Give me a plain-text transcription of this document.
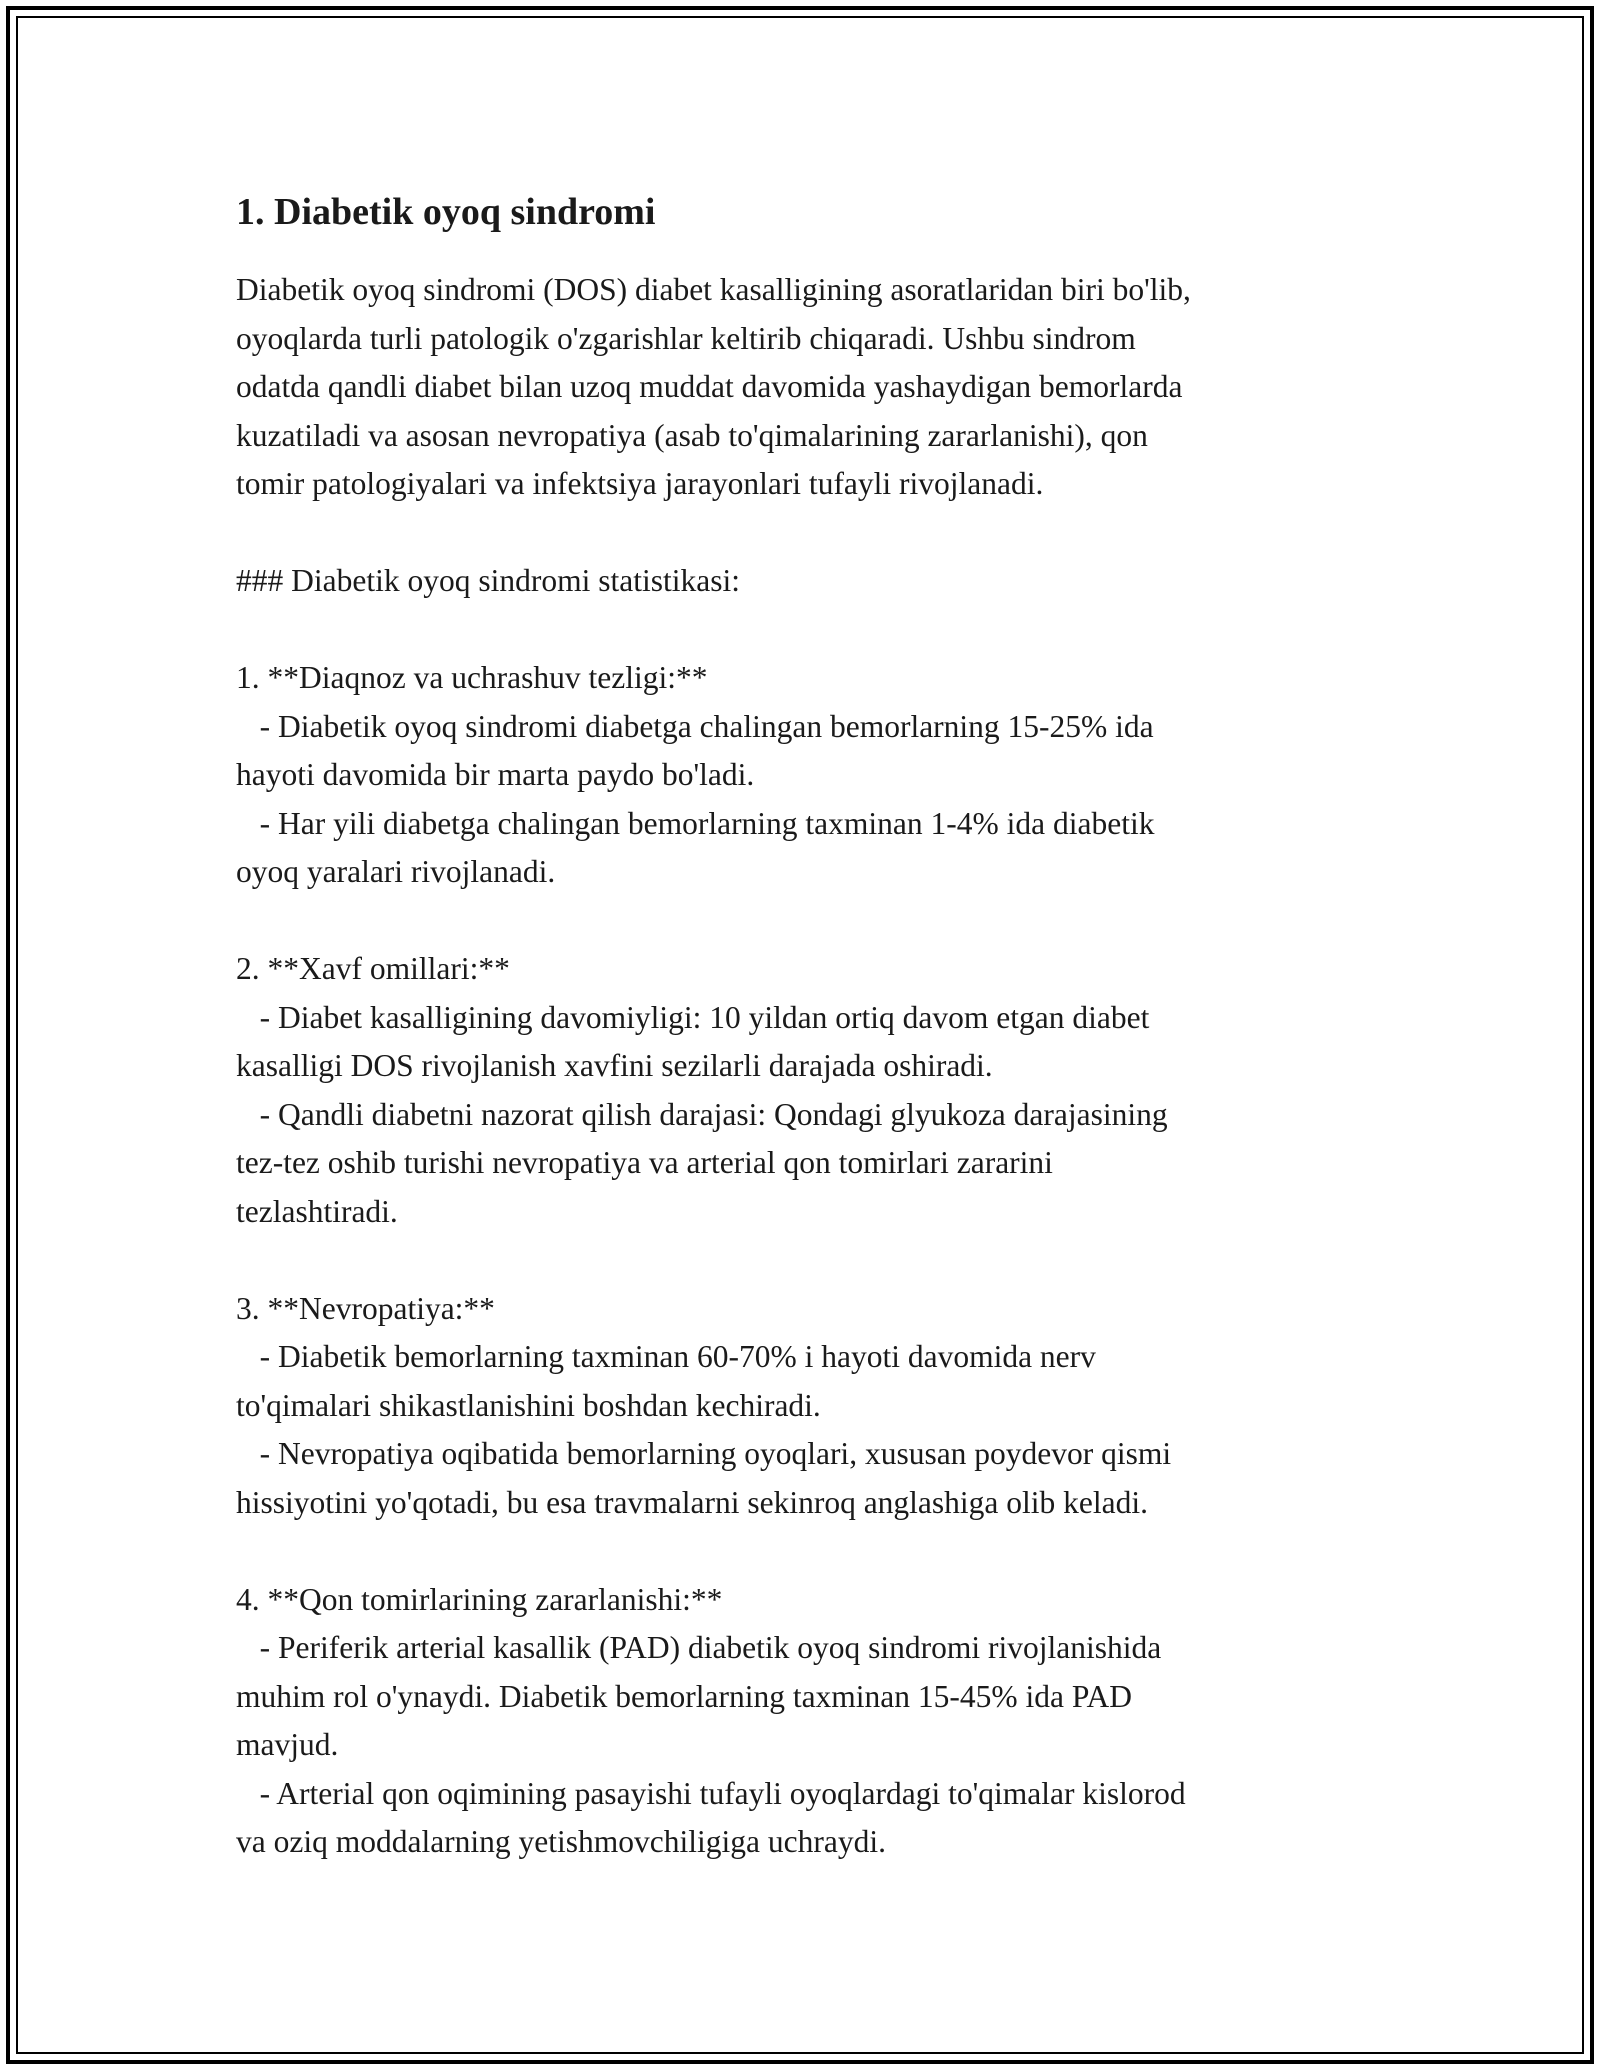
1. Diabetik oyoq sindromi

Diabetik oyoq sindromi (DOS) diabet kasalligining asoratlaridan biri bo'lib,

oyoqlarda turli patologik o'zgarishlar keltirib chiqaradi. Ushbu sindrom

odatda qandli diabet bilan uzoq muddat davomida yashaydigan bemorlarda

kuzatiladi va asosan nevropatiya (asab to'qimalarining zararlanishi), qon

tomir patologiyalari va infektsiya jarayonlari tufayli rivojlanadi.

### Diabetik oyoq sindromi statistikasi:

1. **Diaqnoz va uchrashuv tezligi:**

- Diabetik oyoq sindromi diabetga chalingan bemorlarning 15-25% ida

hayoti davomida bir marta paydo bo'ladi.

- Har yili diabetga chalingan bemorlarning taxminan 1-4% ida diabetik

oyoq yaralari rivojlanadi.

2. **Xavf omillari:**

- Diabet kasalligining davomiyligi: 10 yildan ortiq davom etgan diabet

kasalligi DOS rivojlanish xavfini sezilarli darajada oshiradi.

- Qandli diabetni nazorat qilish darajasi: Qondagi glyukoza darajasining

tez-tez oshib turishi nevropatiya va arterial qon tomirlari zararini

tezlashtiradi.

3. **Nevropatiya:**

- Diabetik bemorlarning taxminan 60-70% i hayoti davomida nerv

to'qimalari shikastlanishini boshdan kechiradi.

- Nevropatiya oqibatida bemorlarning oyoqlari, xususan poydevor qismi

hissiyotini yo'qotadi, bu esa travmalarni sekinroq anglashiga olib keladi.

4. **Qon tomirlarining zararlanishi:**

- Periferik arterial kasallik (PAD) diabetik oyoq sindromi rivojlanishida

muhim rol o'ynaydi. Diabetik bemorlarning taxminan 15-45% ida PAD

mavjud.

- Arterial qon oqimining pasayishi tufayli oyoqlardagi to'qimalar kislorod

va oziq moddalarning yetishmovchiligiga uchraydi.
